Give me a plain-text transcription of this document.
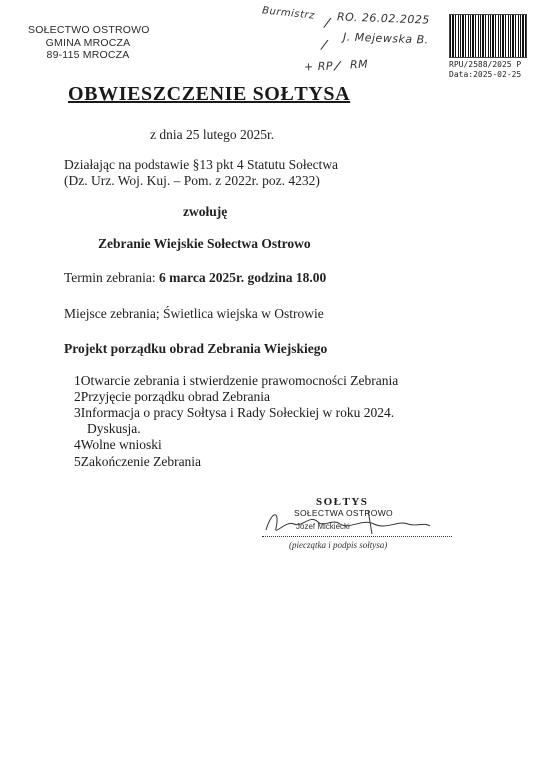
SOŁECTWO OSTROWO
GMINA MROCZA
89-115 MROCZA
Burmistrz
/ RO. 26.02.2025
/ J. Mejewska B.
+ RP / RM	RPU/2588/2025 P
Data:2025-02-25
OBWIESZCZENIE SOŁTYSA
z dnia 25 lutego 2025r.
Działając na podstawie §13 pkt 4 Statutu Sołectwa
(Dz. Urz. Woj. Kuj. – Pom. z 2022r. poz. 4232)
zwołuję
Zebranie Wiejskie Sołectwa Ostrowo
Termin zebrania: 6 marca 2025r. godzina 18.00
Miejsce zebrania; Świetlica wiejska w Ostrowie
Projekt porządku obrad Zebrania Wiejskiego
1Otwarcie zebrania i stwierdzenie prawomocności Zebrania
2Przyjęcie porządku obrad Zebrania
3Informacja o pracy Sołtysa i Rady Sołeckiej w roku 2024.
Dyskusja.
4Wolne wnioski
5Zakończenie Zebrania
SOŁTYS
SOŁECTWA OSTROWO
Józef Mickiecki
(pieczątka i podpis sołtysa)
